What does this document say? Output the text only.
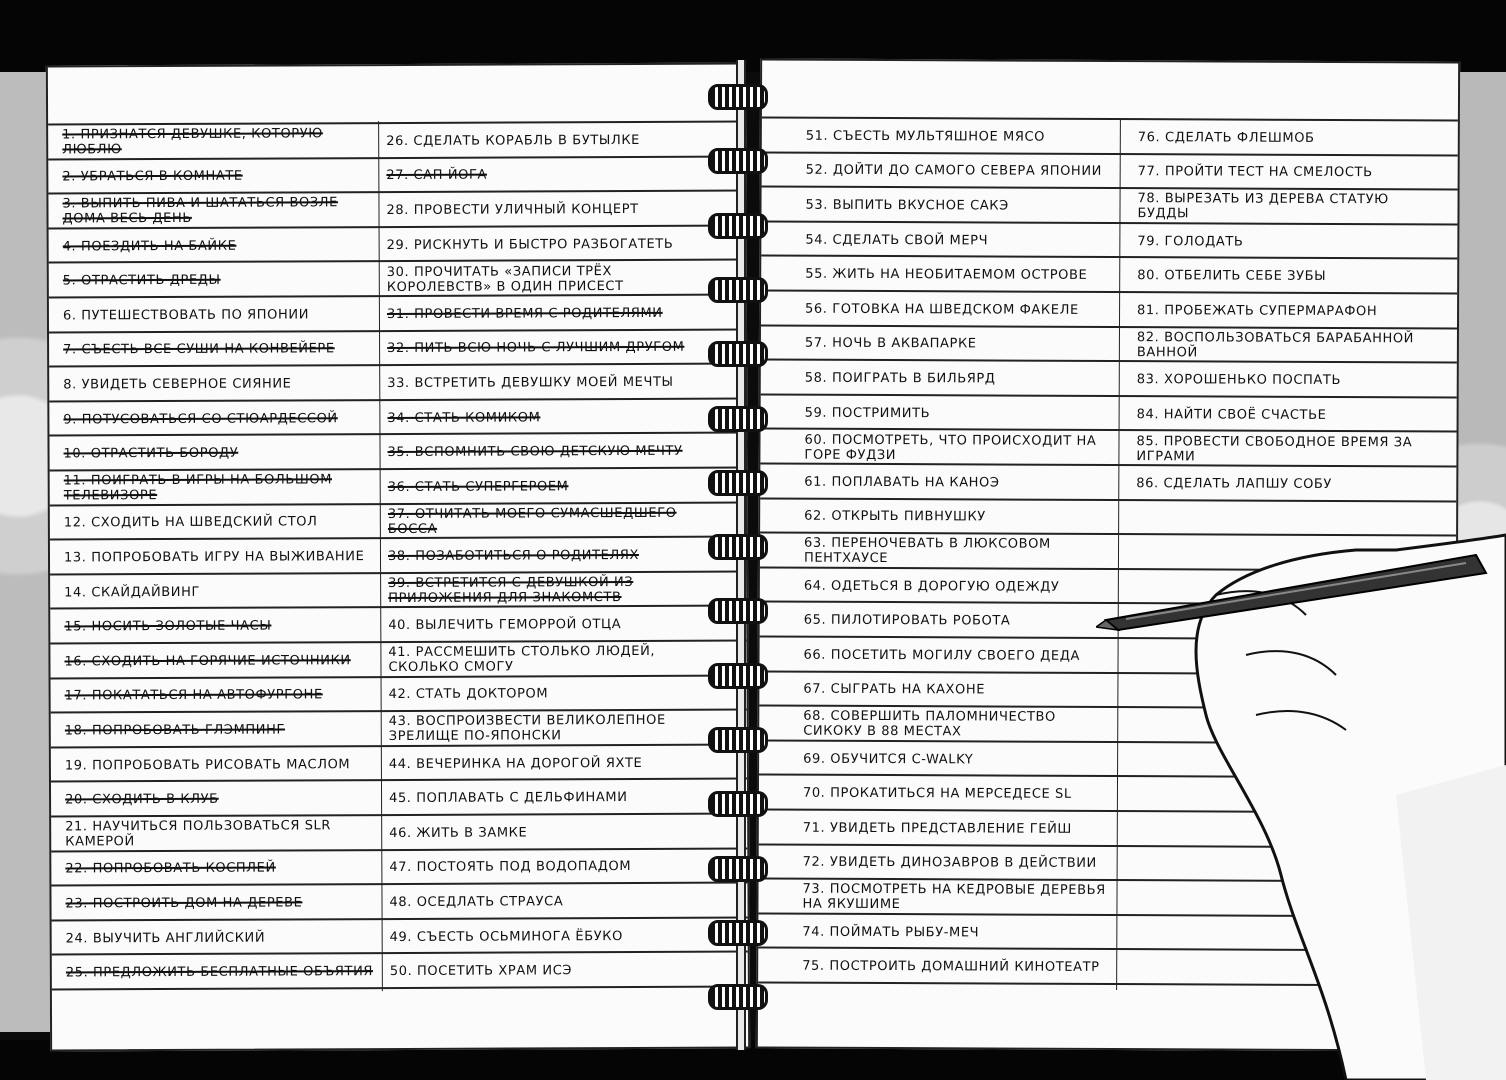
1. ПРИЗНАТСЯ ДЕВУШКЕ, КОТОРУЮ ЛЮБЛЮ
2. УБРАТЬСЯ В КОМНАТЕ
3. ВЫПИТЬ ПИВА И ШАТАТЬСЯ ВОЗЛЕ ДОМА ВЕСЬ ДЕНЬ
4. ПОЕЗДИТЬ НА БАЙКЕ
5. ОТРАСТИТЬ ДРЕДЫ
6. ПУТЕШЕСТВОВАТЬ ПО ЯПОНИИ
7. СЪЕСТЬ ВСЕ СУШИ НА КОНВЕЙЕРЕ
8. УВИДЕТЬ СЕВЕРНОЕ СИЯНИЕ
9. ПОТУСОВАТЬСЯ СО СТЮАРДЕССОЙ
10. ОТРАСТИТЬ БОРОДУ
11. ПОИГРАТЬ В ИГРЫ НА БОЛЬШОМ ТЕЛЕВИЗОРЕ
12. СХОДИТЬ НА ШВЕДСКИЙ СТОЛ
13. ПОПРОБОВАТЬ ИГРУ НА ВЫЖИВАНИЕ
14. СКАЙДАЙВИНГ
15. НОСИТЬ ЗОЛОТЫЕ ЧАСЫ
16. СХОДИТЬ НА ГОРЯЧИЕ ИСТОЧНИКИ
17. ПОКАТАТЬСЯ НА АВТОФУРГОНЕ
18. ПОПРОБОВАТЬ ГЛЭМПИНГ
19. ПОПРОБОВАТЬ РИСОВАТЬ МАСЛОМ
20. СХОДИТЬ В КЛУБ
21. НАУЧИТЬСЯ ПОЛЬЗОВАТЬСЯ SLR КАМЕРОЙ
22. ПОПРОБОВАТЬ КОСПЛЕЙ
23. ПОСТРОИТЬ ДОМ НА ДЕРЕВЕ
24. ВЫУЧИТЬ АНГЛИЙСКИЙ
25. ПРЕДЛОЖИТЬ БЕСПЛАТНЫЕ ОБЪЯТИЯ
26. СДЕЛАТЬ КОРАБЛЬ В БУТЫЛКЕ
27. САП ЙОГА
28. ПРОВЕСТИ УЛИЧНЫЙ КОНЦЕРТ
29. РИСКНУТЬ И БЫСТРО РАЗБОГАТЕТЬ
30. ПРОЧИТАТЬ «ЗАПИСИ ТРЁХ КОРОЛЕВСТВ» В ОДИН ПРИСЕСТ
31. ПРОВЕСТИ ВРЕМЯ С РОДИТЕЛЯМИ
32. ПИТЬ ВСЮ НОЧЬ С ЛУЧШИМ ДРУГОМ
33. ВСТРЕТИТЬ ДЕВУШКУ МОЕЙ МЕЧТЫ
34. СТАТЬ КОМИКОМ
35. ВСПОМНИТЬ СВОЮ ДЕТСКУЮ МЕЧТУ
36. СТАТЬ СУПЕРГЕРОЕМ
37. ОТЧИТАТЬ МОЕГО СУМАСШЕДШЕГО БОССА
38. ПОЗАБОТИТЬСЯ О РОДИТЕЛЯХ
39. ВСТРЕТИТСЯ С ДЕВУШКОЙ ИЗ ПРИЛОЖЕНИЯ ДЛЯ ЗНАКОМСТВ
40. ВЫЛЕЧИТЬ ГЕМОРРОЙ ОТЦА
41. РАССМЕШИТЬ СТОЛЬКО ЛЮДЕЙ, СКОЛЬКО СМОГУ
42. СТАТЬ ДОКТОРОМ
43. ВОСПРОИЗВЕСТИ ВЕЛИКОЛЕПНОЕ ЗРЕЛИЩЕ ПО-ЯПОНСКИ
44. ВЕЧЕРИНКА НА ДОРОГОЙ ЯХТЕ
45. ПОПЛАВАТЬ С ДЕЛЬФИНАМИ
46. ЖИТЬ В ЗАМКЕ
47. ПОСТОЯТЬ ПОД ВОДОПАДОМ
48. ОСЕДЛАТЬ СТРАУСА
49. СЪЕСТЬ ОСЬМИНОГА ЁБУКО
50. ПОСЕТИТЬ ХРАМ ИСЭ
51. СЪЕСТЬ МУЛЬТЯШНОЕ МЯСО
52. ДОЙТИ ДО САМОГО СЕВЕРА ЯПОНИИ
53. ВЫПИТЬ ВКУСНОЕ САКЭ
54. СДЕЛАТЬ СВОЙ МЕРЧ
55. ЖИТЬ НА НЕОБИТАЕМОМ ОСТРОВЕ
56. ГОТОВКА НА ШВЕДСКОМ ФАКЕЛЕ
57. НОЧЬ В АКВАПАРКЕ
58. ПОИГРАТЬ В БИЛЬЯРД
59. ПОСТРИМИТЬ
60. ПОСМОТРЕТЬ, ЧТО ПРОИСХОДИТ НА ГОРЕ ФУДЗИ
61. ПОПЛАВАТЬ НА КАНОЭ
62. ОТКРЫТЬ ПИВНУШКУ
63. ПЕРЕНОЧЕВАТЬ В ЛЮКСОВОМ ПЕНТХАУСЕ
64. ОДЕТЬСЯ В ДОРОГУЮ ОДЕЖДУ
65. ПИЛОТИРОВАТЬ РОБОТА
66. ПОСЕТИТЬ МОГИЛУ СВОЕГО ДЕДА
67. СЫГРАТЬ НА КАХОНЕ
68. СОВЕРШИТЬ ПАЛОМНИЧЕСТВО СИКОКУ В 88 МЕСТАХ
69. ОБУЧИТСЯ C-WALKY
70. ПРОКАТИТЬСЯ НА МЕРСЕДЕСЕ SL
71. УВИДЕТЬ ПРЕДСТАВЛЕНИЕ ГЕЙШ
72. УВИДЕТЬ ДИНОЗАВРОВ В ДЕЙСТВИИ
73. ПОСМОТРЕТЬ НА КЕДРОВЫЕ ДЕРЕВЬЯ НА ЯКУШИМЕ
74. ПОЙМАТЬ РЫБУ-МЕЧ
75. ПОСТРОИТЬ ДОМАШНИЙ КИНОТЕАТР
76. СДЕЛАТЬ ФЛЕШМОБ
77. ПРОЙТИ ТЕСТ НА СМЕЛОСТЬ
78. ВЫРЕЗАТЬ ИЗ ДЕРЕВА СТАТУЮ БУДДЫ
79. ГОЛОДАТЬ
80. ОТБЕЛИТЬ СЕБЕ ЗУБЫ
81. ПРОБЕЖАТЬ СУПЕРМАРАФОН
82. ВОСПОЛЬЗОВАТЬСЯ БАРАБАННОЙ ВАННОЙ
83. ХОРОШЕНЬКО ПОСПАТЬ
84. НАЙТИ СВОЁ СЧАСТЬЕ
85. ПРОВЕСТИ СВОБОДНОЕ ВРЕМЯ ЗА ИГРАМИ
86. СДЕЛАТЬ ЛАПШУ СОБУ
